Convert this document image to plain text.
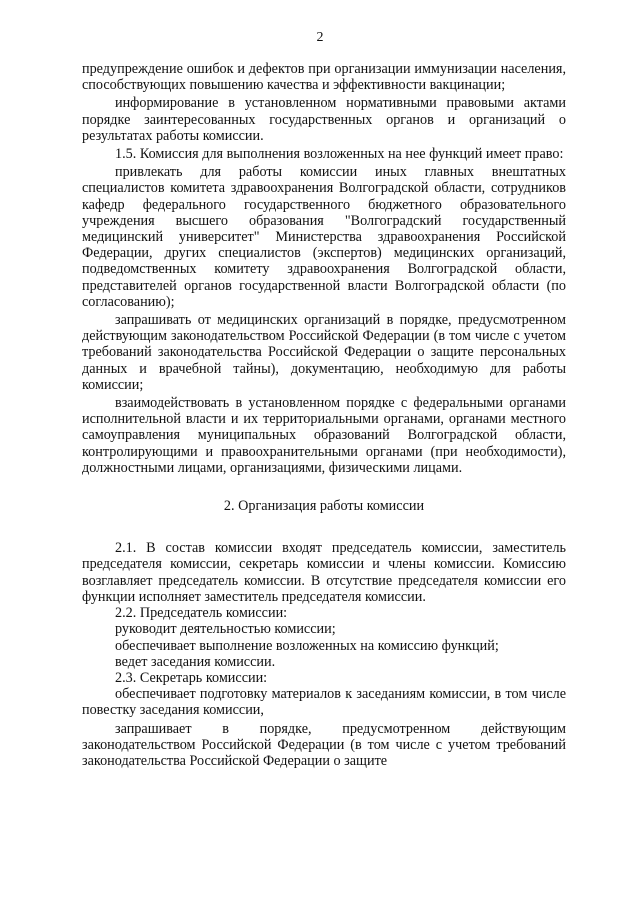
2

предупреждение ошибок и дефектов при организации иммунизации населения, способствующих повышению качества и эффективности вакцинации;

информирование в установленном нормативными правовыми актами порядке заинтересованных государственных органов и организаций о результатах работы комиссии.

1.5. Комиссия для выполнения возложенных на нее функций имеет право:

привлекать для работы комиссии иных главных внештатных специалистов комитета здравоохранения Волгоградской области, сотрудников кафедр федерального государственного бюджетного образовательного учреждения высшего образования "Волгоградский государственный медицинский университет" Министерства здравоохранения Российской Федерации, других специалистов (экспертов) медицинских организаций, подведомственных комитету здравоохранения Волгоградской области, представителей органов государственной власти Волгоградской области (по согласованию);

запрашивать от медицинских организаций в порядке, предусмотренном действующим законодательством Российской Федерации (в том числе с учетом требований законодательства Российской Федерации о защите персональных данных и врачебной тайны), документацию, необходимую для работы комиссии;

взаимодействовать в установленном порядке с федеральными органами исполнительной власти и их территориальными органами, органами местного самоуправления муниципальных образований Волгоградской области, контролирующими и правоохранительными органами (при необходимости), должностными лицами, организациями, физическими лицами.

2. Организация работы комиссии

2.1. В состав комиссии входят председатель комиссии, заместитель председателя комиссии, секретарь комиссии и члены комиссии. Комиссию возглавляет председатель комиссии. В отсутствие председателя комиссии его функции исполняет заместитель председателя комиссии.

2.2. Председатель комиссии:

руководит деятельностью комиссии;

обеспечивает выполнение возложенных на комиссию функций;

ведет заседания комиссии.

2.3. Секретарь комиссии:

обеспечивает подготовку материалов к заседаниям комиссии, в том числе повестку заседания комиссии,

запрашивает в порядке, предусмотренном действующим законодательством Российской Федерации (в том числе с учетом требований законодательства Российской Федерации о защите
